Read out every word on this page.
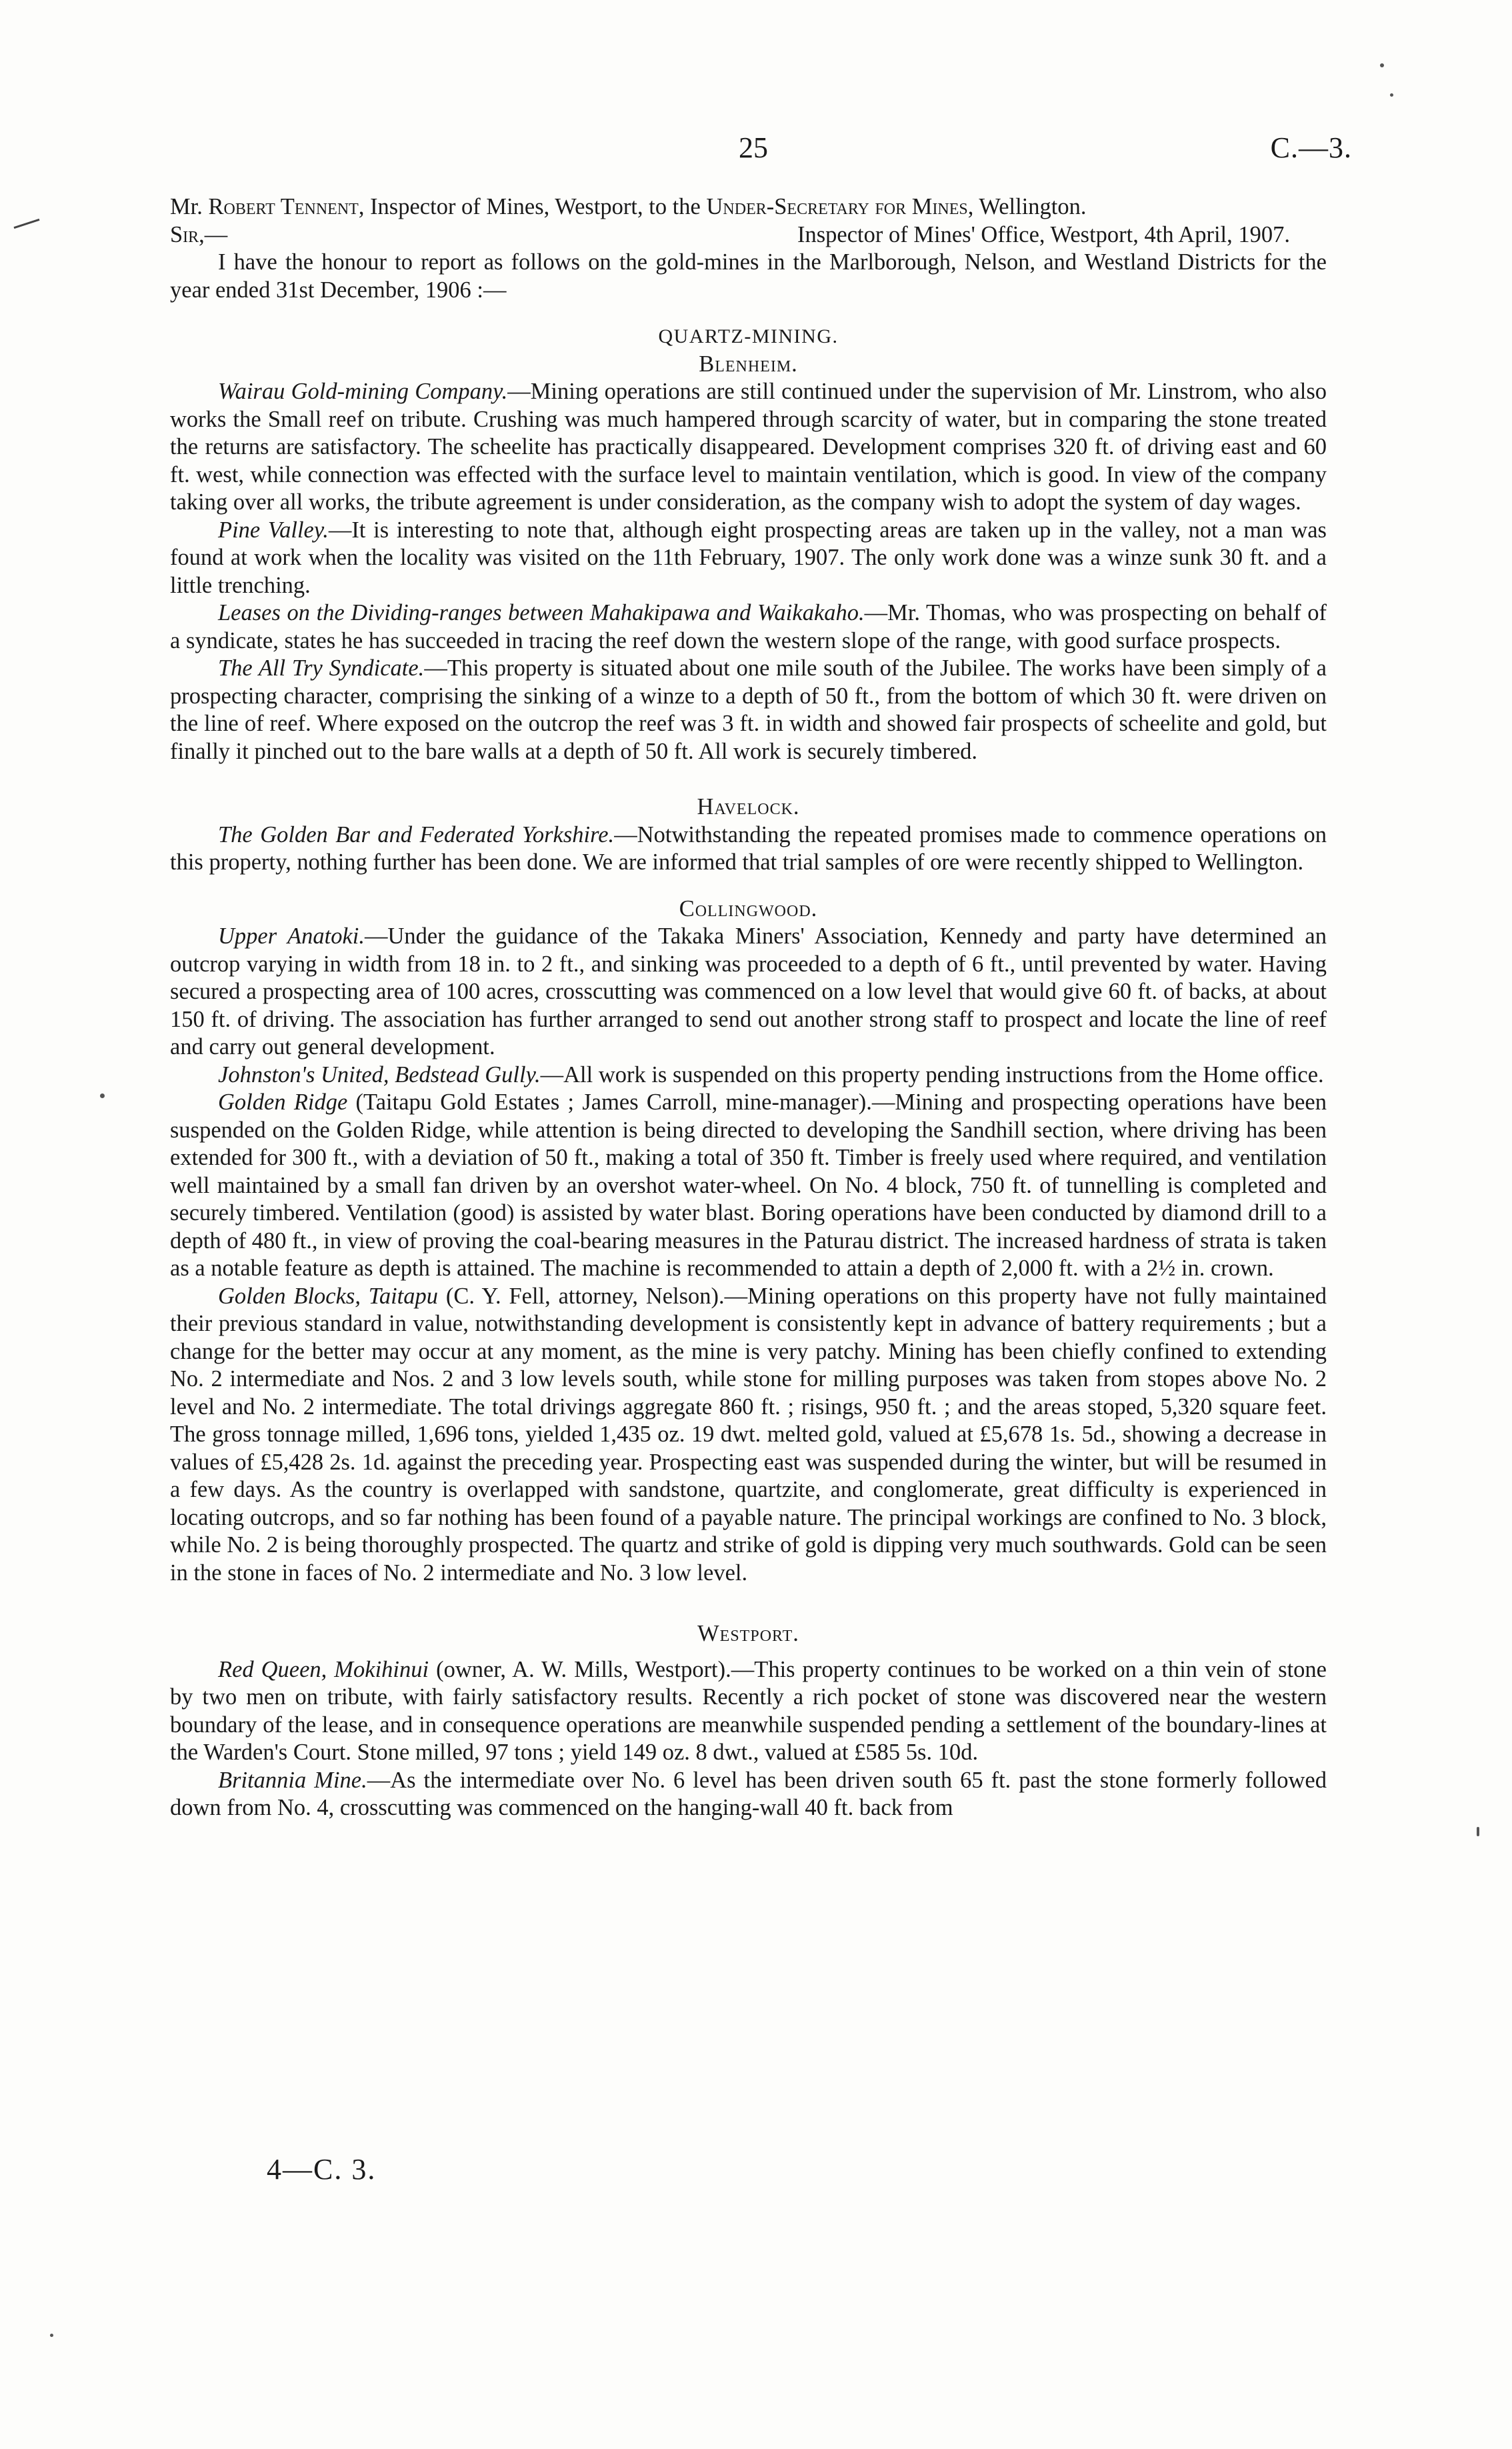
25	C.—3.

Mr. Robert Tennent, Inspector of Mines, Westport, to the Under-Secretary for Mines, Wellington.

Sir,—	Inspector of Mines' Office, Westport, 4th April, 1907.

I have the honour to report as follows on the gold-mines in the Marlborough, Nelson, and Westland Districts for the year ended 31st December, 1906 :—

QUARTZ-MINING.

Blenheim.

Wairau Gold-mining Company.—Mining operations are still continued under the supervision of Mr. Linstrom, who also works the Small reef on tribute. Crushing was much hampered through scarcity of water, but in comparing the stone treated the returns are satisfactory. The scheelite has practically disappeared. Development comprises 320 ft. of driving east and 60 ft. west, while connection was effected with the surface level to maintain ventilation, which is good. In view of the company taking over all works, the tribute agreement is under consideration, as the company wish to adopt the system of day wages.

Pine Valley.—It is interesting to note that, although eight prospecting areas are taken up in the valley, not a man was found at work when the locality was visited on the 11th February, 1907. The only work done was a winze sunk 30 ft. and a little trenching.

Leases on the Dividing-ranges between Mahakipawa and Waikakaho.—Mr. Thomas, who was prospecting on behalf of a syndicate, states he has succeeded in tracing the reef down the western slope of the range, with good surface prospects.

The All Try Syndicate.—This property is situated about one mile south of the Jubilee. The works have been simply of a prospecting character, comprising the sinking of a winze to a depth of 50 ft., from the bottom of which 30 ft. were driven on the line of reef. Where exposed on the outcrop the reef was 3 ft. in width and showed fair prospects of scheelite and gold, but finally it pinched out to the bare walls at a depth of 50 ft. All work is securely timbered.

Havelock.

The Golden Bar and Federated Yorkshire.—Notwithstanding the repeated promises made to commence operations on this property, nothing further has been done. We are informed that trial samples of ore were recently shipped to Wellington.

Collingwood.

Upper Anatoki.—Under the guidance of the Takaka Miners' Association, Kennedy and party have determined an outcrop varying in width from 18 in. to 2 ft., and sinking was proceeded to a depth of 6 ft., until prevented by water. Having secured a prospecting area of 100 acres, crosscutting was commenced on a low level that would give 60 ft. of backs, at about 150 ft. of driving. The association has further arranged to send out another strong staff to prospect and locate the line of reef and carry out general development.

Johnston's United, Bedstead Gully.—All work is suspended on this property pending instructions from the Home office.

Golden Ridge (Taitapu Gold Estates ; James Carroll, mine-manager).—Mining and prospecting operations have been suspended on the Golden Ridge, while attention is being directed to developing the Sandhill section, where driving has been extended for 300 ft., with a deviation of 50 ft., making a total of 350 ft. Timber is freely used where required, and ventilation well maintained by a small fan driven by an overshot water-wheel. On No. 4 block, 750 ft. of tunnelling is completed and securely timbered. Ventilation (good) is assisted by water blast. Boring operations have been conducted by diamond drill to a depth of 480 ft., in view of proving the coal-bearing measures in the Paturau district. The increased hardness of strata is taken as a notable feature as depth is attained. The machine is recommended to attain a depth of 2,000 ft. with a 2½ in. crown.

Golden Blocks, Taitapu (C. Y. Fell, attorney, Nelson).—Mining operations on this property have not fully maintained their previous standard in value, notwithstanding development is consistently kept in advance of battery requirements ; but a change for the better may occur at any moment, as the mine is very patchy. Mining has been chiefly confined to extending No. 2 intermediate and Nos. 2 and 3 low levels south, while stone for milling purposes was taken from stopes above No. 2 level and No. 2 intermediate. The total drivings aggregate 860 ft. ; risings, 950 ft. ; and the areas stoped, 5,320 square feet. The gross tonnage milled, 1,696 tons, yielded 1,435 oz. 19 dwt. melted gold, valued at £5,678 1s. 5d., showing a decrease in values of £5,428 2s. 1d. against the preceding year. Prospecting east was suspended during the winter, but will be resumed in a few days. As the country is overlapped with sandstone, quartzite, and conglomerate, great difficulty is experienced in locating outcrops, and so far nothing has been found of a payable nature. The principal workings are confined to No. 3 block, while No. 2 is being thoroughly prospected. The quartz and strike of gold is dipping very much southwards. Gold can be seen in the stone in faces of No. 2 intermediate and No. 3 low level.

Westport.

Red Queen, Mokihinui (owner, A. W. Mills, Westport).—This property continues to be worked on a thin vein of stone by two men on tribute, with fairly satisfactory results. Recently a rich pocket of stone was discovered near the western boundary of the lease, and in consequence operations are meanwhile suspended pending a settlement of the boundary-lines at the Warden's Court. Stone milled, 97 tons ; yield 149 oz. 8 dwt., valued at £585 5s. 10d.

Britannia Mine.—As the intermediate over No. 6 level has been driven south 65 ft. past the stone formerly followed down from No. 4, crosscutting was commenced on the hanging-wall 40 ft. back from

4—C. 3.
